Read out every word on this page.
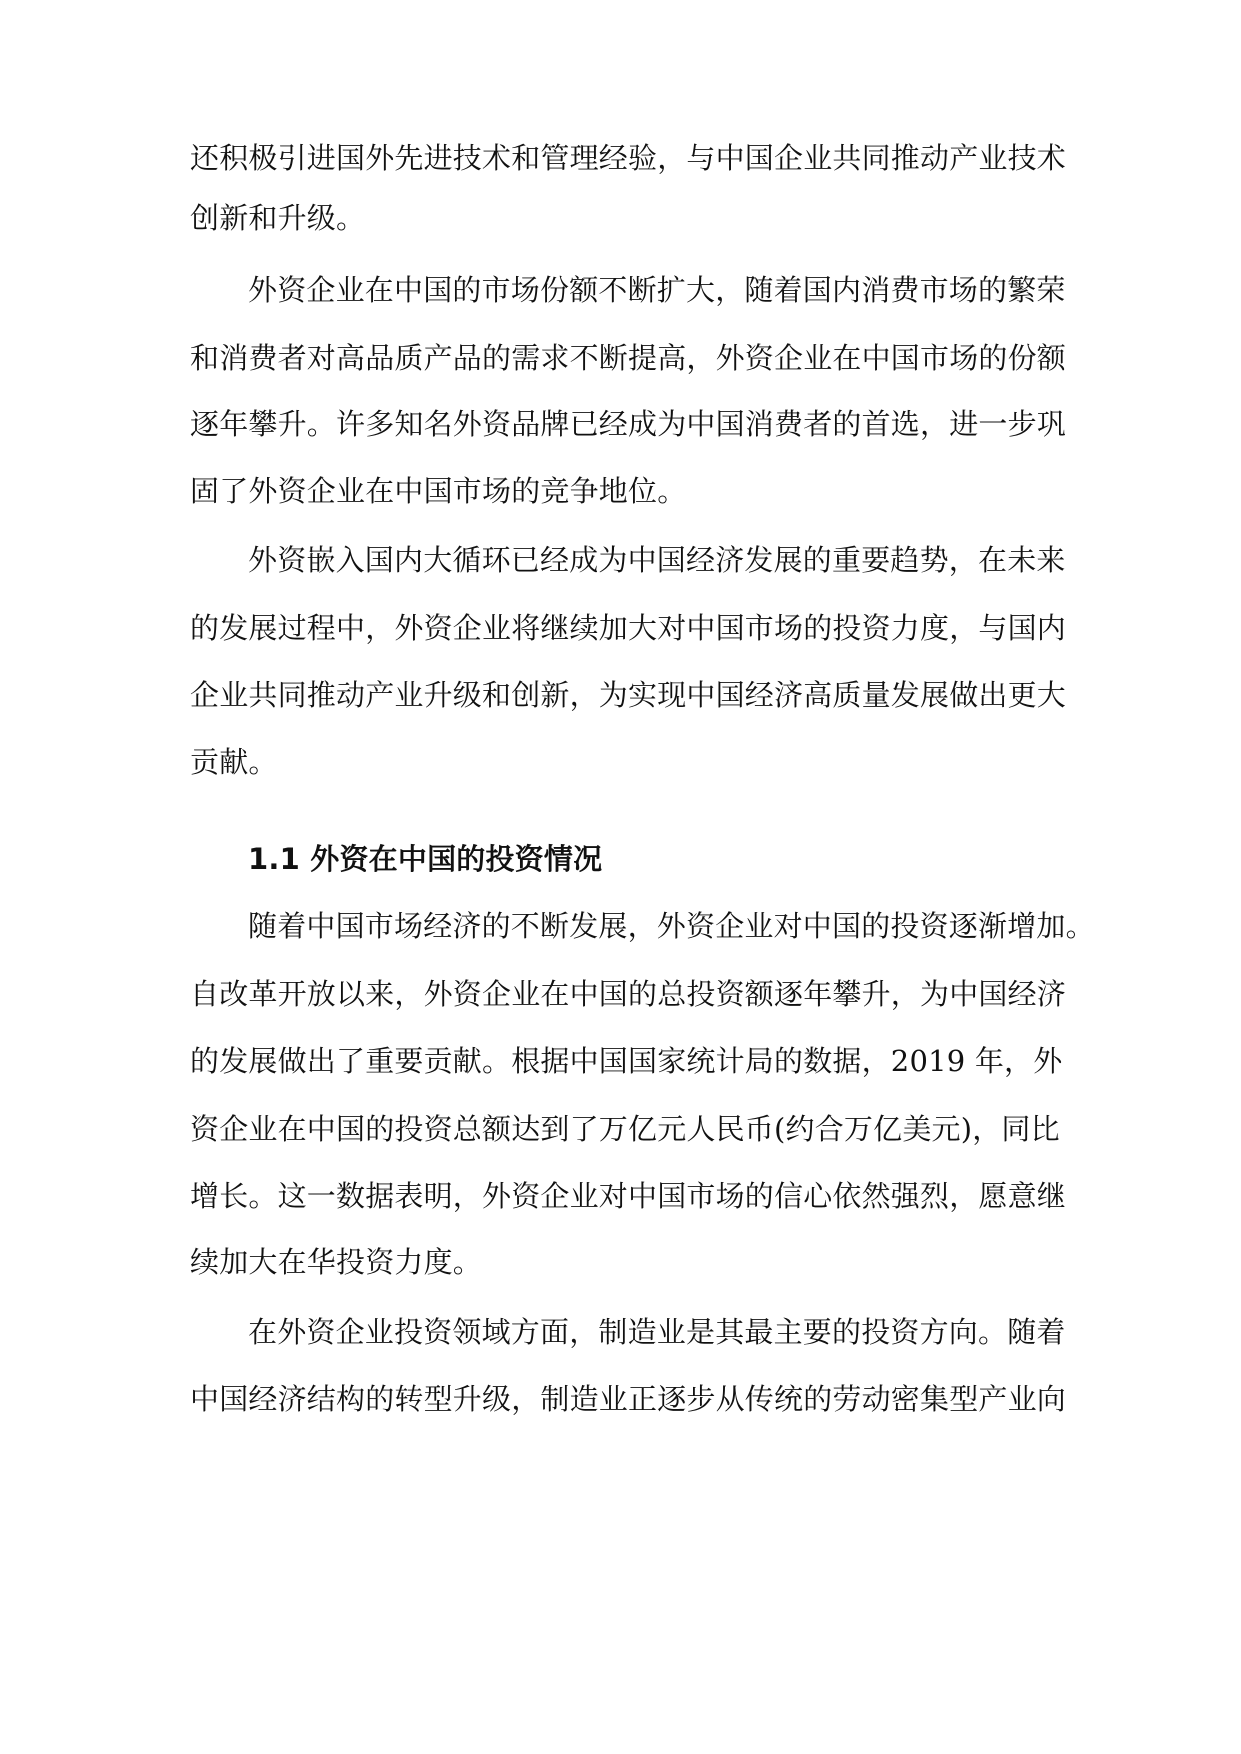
还积极引进国外先进技术和管理经验，与中国企业共同推动产业技术
创新和升级。
外资企业在中国的市场份额不断扩大，随着国内消费市场的繁荣
和消费者对高品质产品的需求不断提高，外资企业在中国市场的份额
逐年攀升。许多知名外资品牌已经成为中国消费者的首选，进一步巩
固了外资企业在中国市场的竞争地位。
外资嵌入国内大循环已经成为中国经济发展的重要趋势，在未来
的发展过程中，外资企业将继续加大对中国市场的投资力度，与国内
企业共同推动产业升级和创新，为实现中国经济高质量发展做出更大
贡献。
1.1 外资在中国的投资情况
随着中国市场经济的不断发展，外资企业对中国的投资逐渐增加。
自改革开放以来，外资企业在中国的总投资额逐年攀升，为中国经济
的发展做出了重要贡献。根据中国国家统计局的数据，2019 年，外
资企业在中国的投资总额达到了万亿元人民币(约合万亿美元)，同比
增长。这一数据表明，外资企业对中国市场的信心依然强烈，愿意继
续加大在华投资力度。
在外资企业投资领域方面，制造业是其最主要的投资方向。随着
中国经济结构的转型升级，制造业正逐步从传统的劳动密集型产业向
